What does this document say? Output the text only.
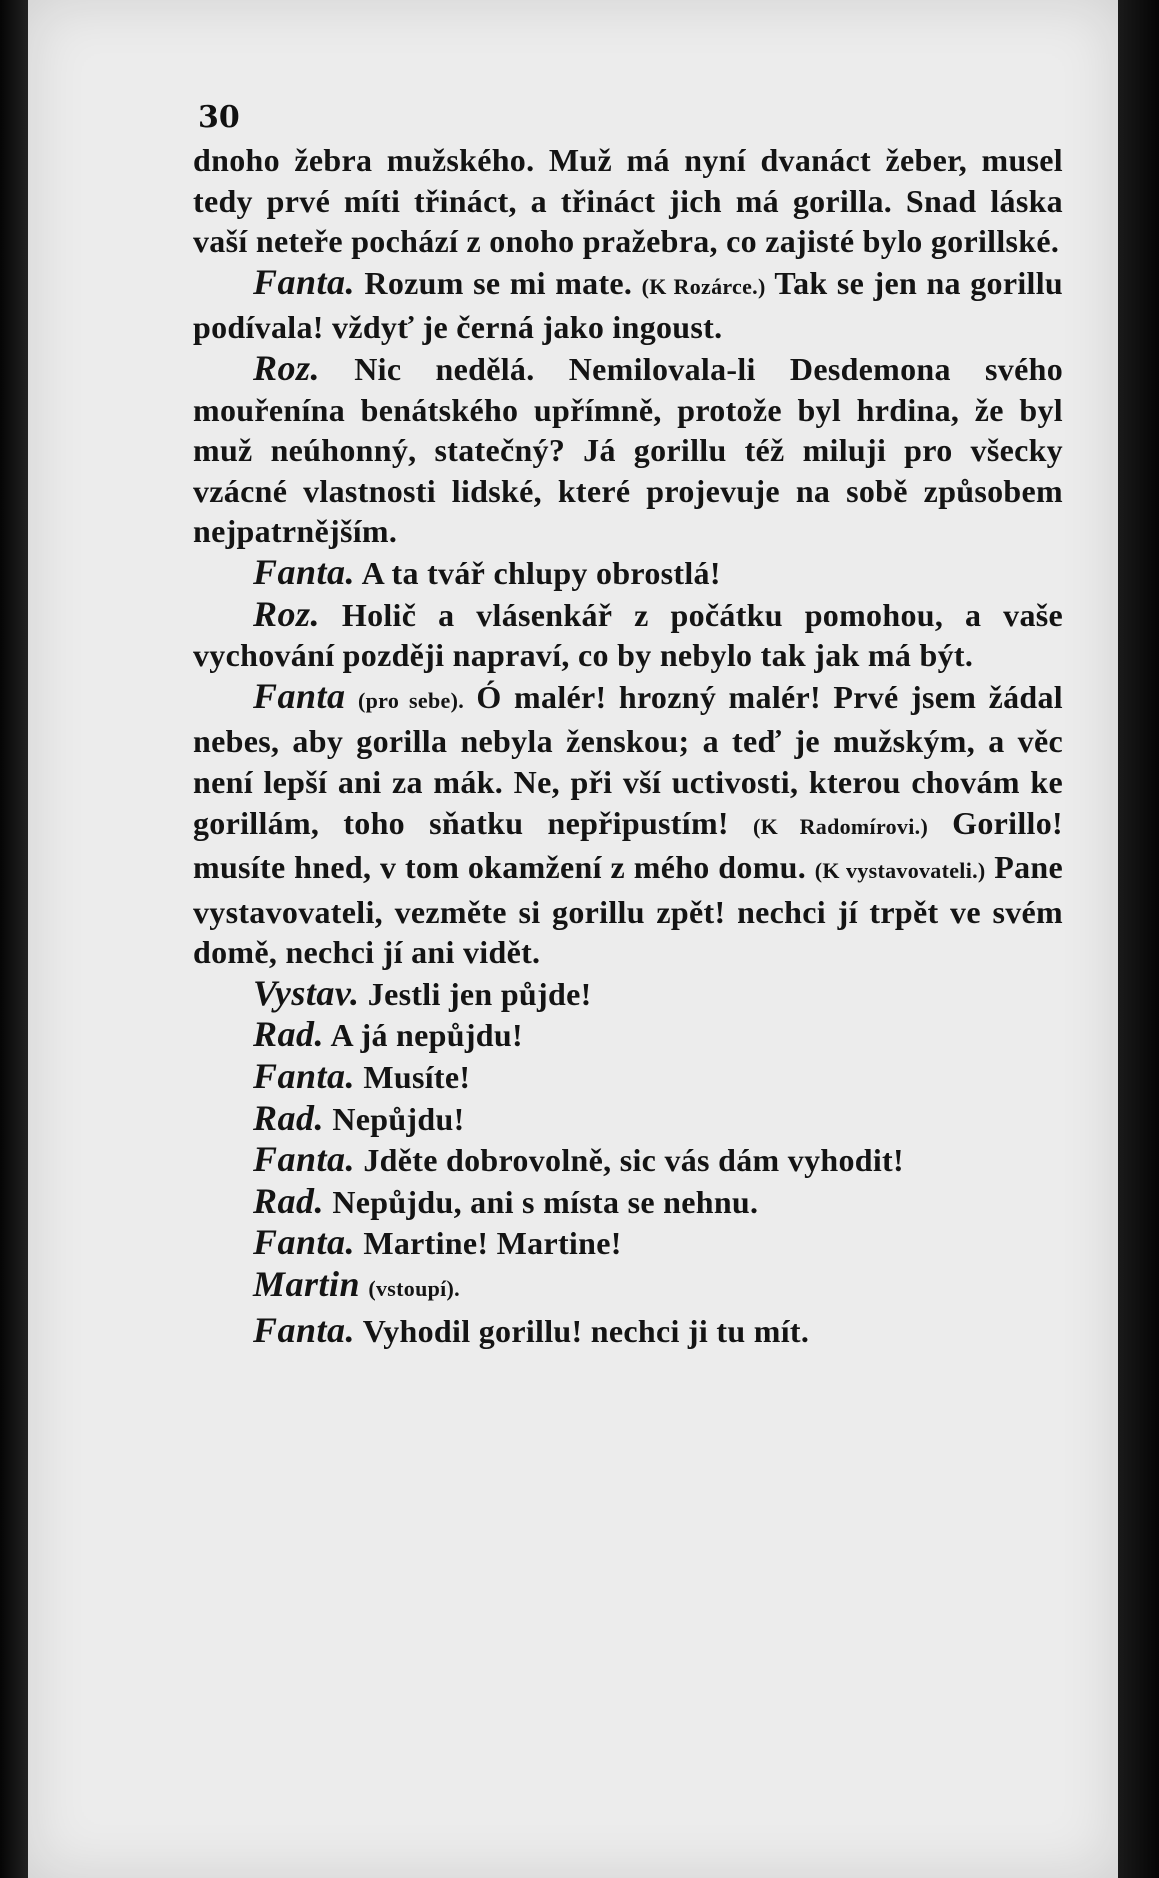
30

dnoho žebra mužského. Muž má nyní dvanáct žeber, musel tedy prvé míti třináct, a třináct jich má gorilla. Snad láska vaší neteře pochází z onoho pražebra, co zajisté bylo gorillské.

Fanta. Rozum se mi mate. (K Rozárce.) Tak se jen na gorillu podívala! vždyť je černá jako ingoust.

Roz. Nic nedělá. Nemilovala-li Desdemona svého mouřenína benátského upřímně, protože byl hrdina, že byl muž neúhonný, statečný? Já gorillu též miluji pro všecky vzácné vlastnosti lidské, které projevuje na sobě způsobem nejpatrnějším.

Fanta. A ta tvář chlupy obrostlá!

Roz. Holič a vlásenkář z počátku pomohou, a vaše vychování později napraví, co by nebylo tak jak má být.

Fanta (pro sebe). Ó malér! hrozný malér! Prvé jsem žádal nebes, aby gorilla nebyla ženskou; a teď je mužským, a věc není lepší ani za mák. Ne, při vší uctivosti, kterou chovám ke gorillám, toho sňatku nepřipustím! (K Radomírovi.) Gorillo! musíte hned, v tom okamžení z mého domu. (K vystavovateli.) Pane vystavovateli, vezměte si gorillu zpět! nechci jí trpět ve svém domě, nechci jí ani vidět.

Vystav. Jestli jen půjde!

Rad. A já nepůjdu!

Fanta. Musíte!

Rad. Nepůjdu!

Fanta. Jděte dobrovolně, sic vás dám vyhodit!

Rad. Nepůjdu, ani s místa se nehnu.

Fanta. Martine! Martine!

Martin (vstoupí).

Fanta. Vyhodil gorillu! nechci ji tu mít.
